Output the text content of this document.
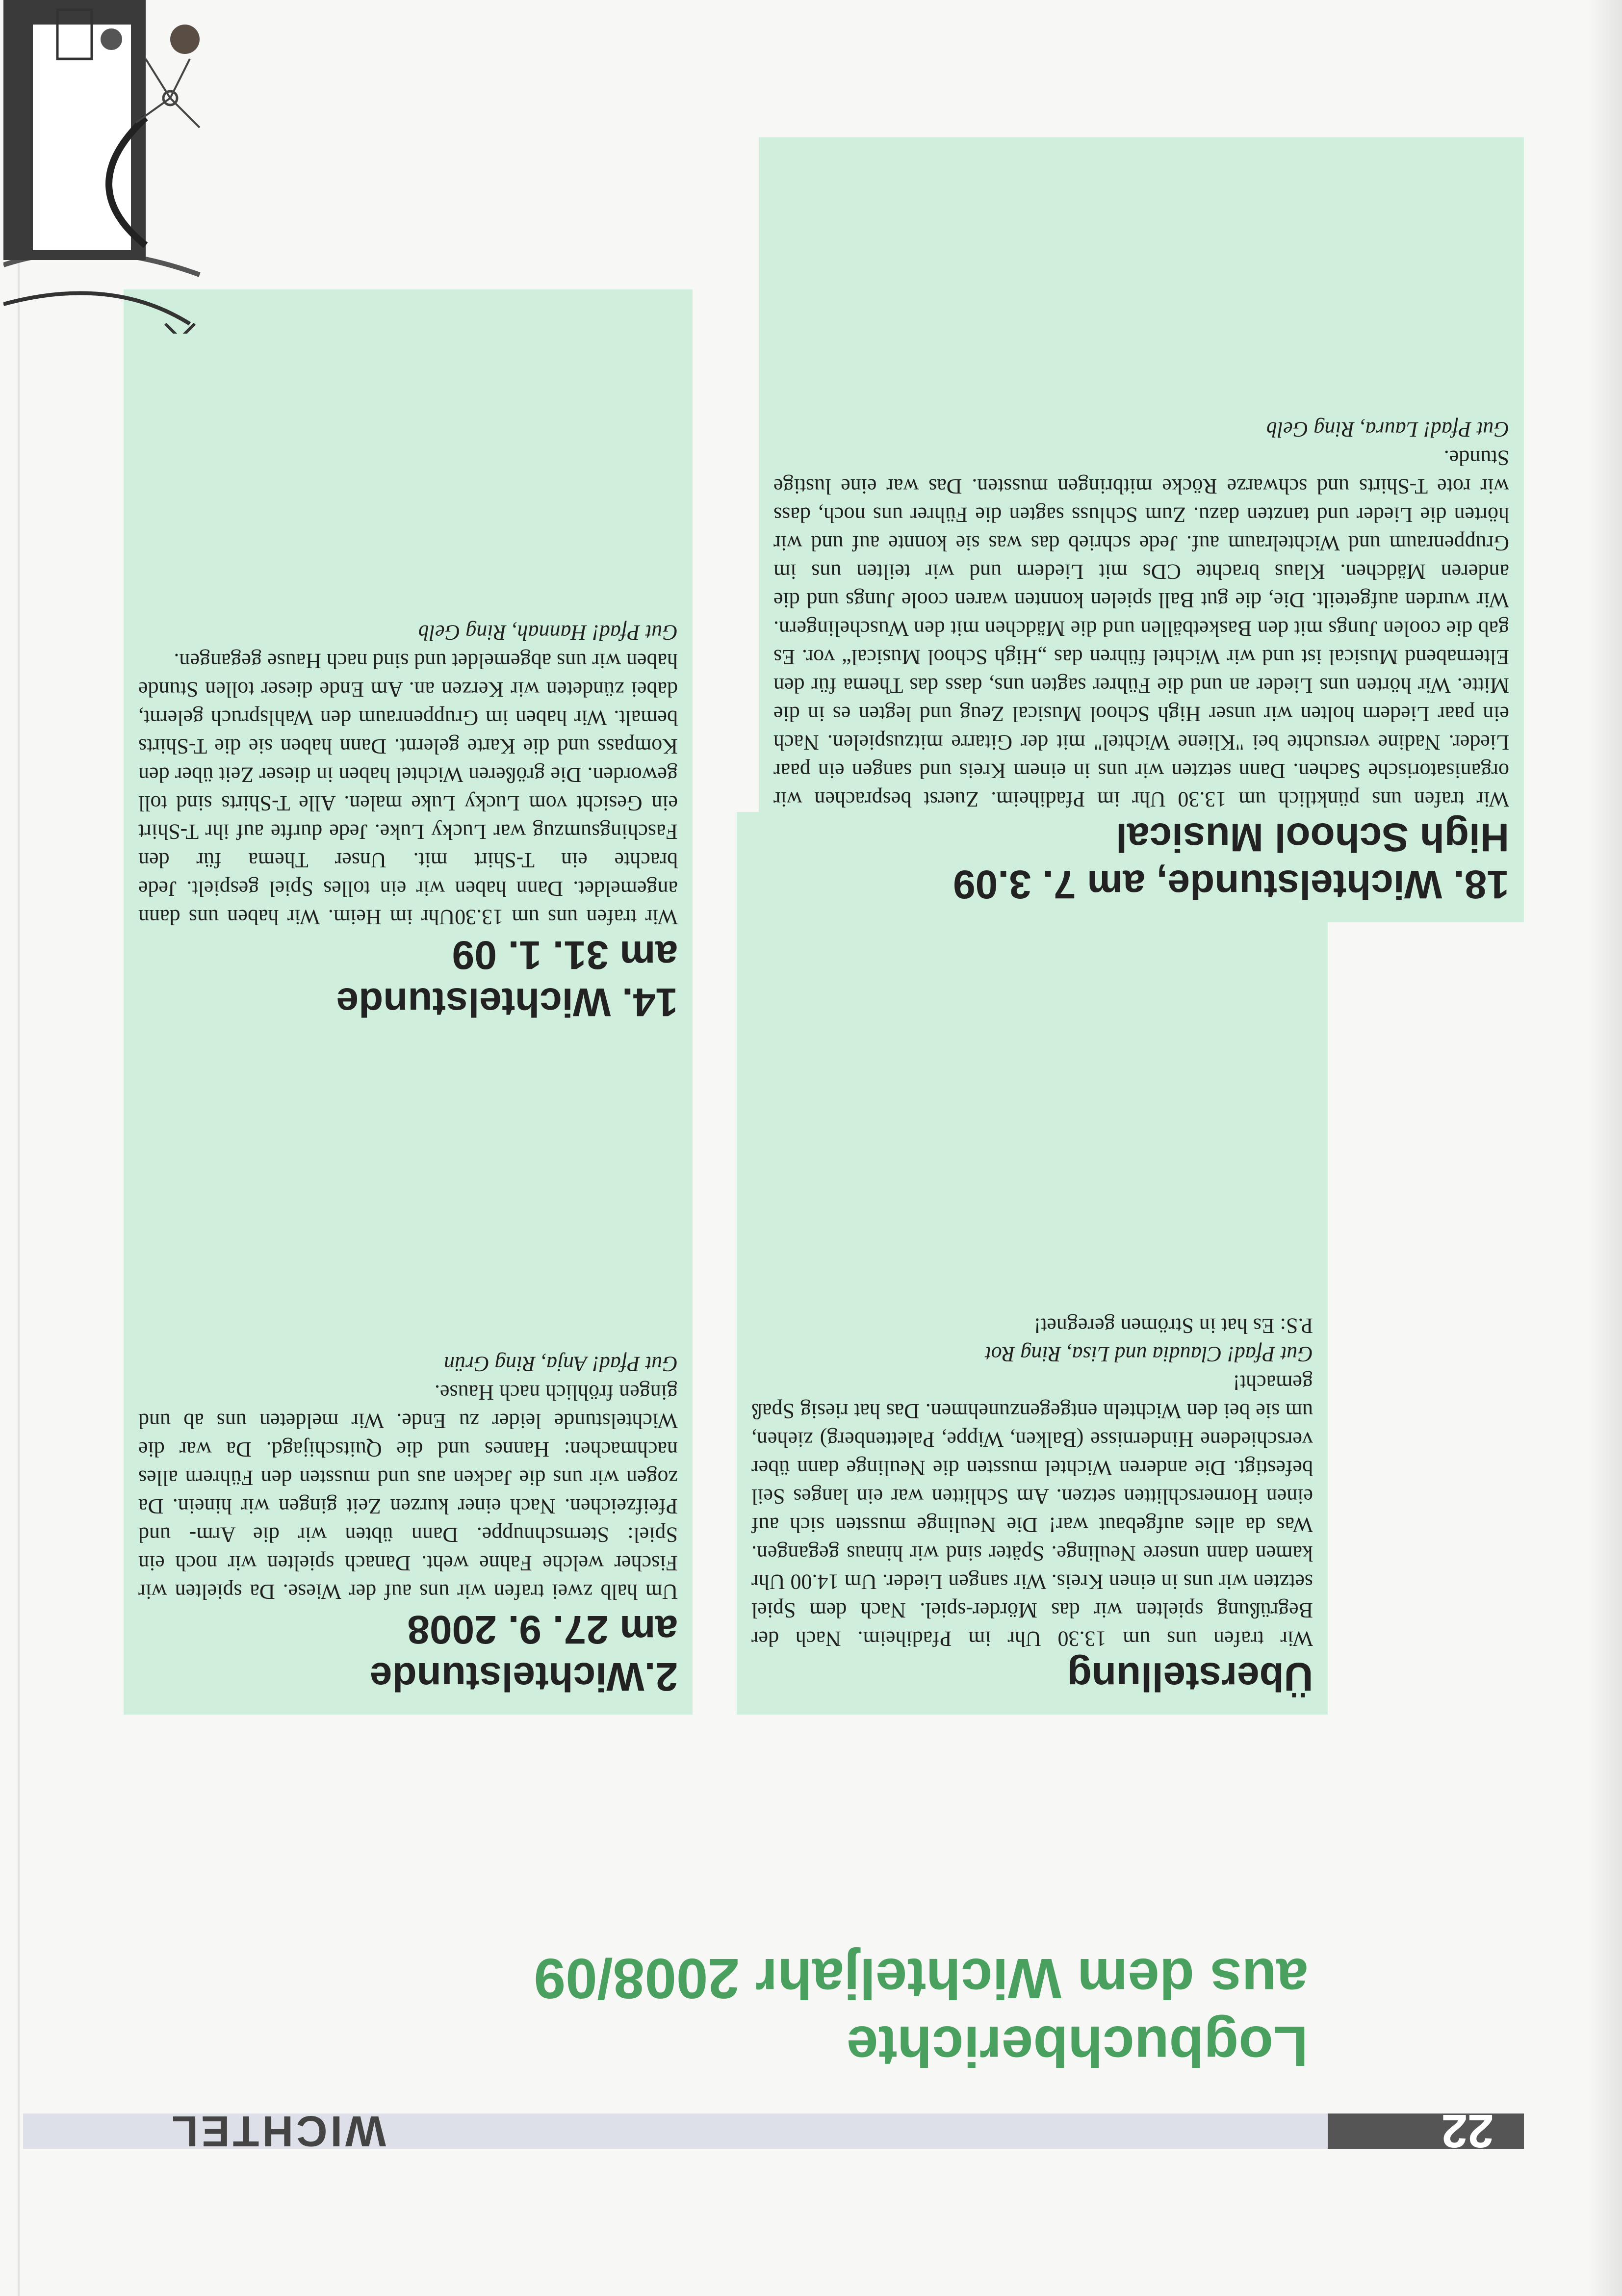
22
WICHTEL
Logbuchberichte
aus dem Wichteljahr 2008/09
Überstellung

Wir trafen uns um 13.30 Uhr im Pfadiheim. Nach der Begrüßung spielten wir das Mörder-spiel. Nach dem Spiel setzten wir uns in einen Kreis. Wir sangen Lieder. Um 14.00 Uhr kamen dann unsere Neulinge. Später sind wir hinaus gegangen. Was da alles aufgebaut war! Die Neulinge mussten sich auf einen Hornerschlitten setzen. Am Schlitten war ein langes Seil befestigt. Die anderen Wichtel mussten die Neulinge dann über verschiedene Hindernisse (Balken, Wippe, Palettenberg) ziehen, um sie bei den Wichteln entgegenzunehmen. Das hat riesig Spaß gemacht!

Gut Pfad! Claudia und Lisa, Ring Rot

P.S: Es hat in Strömen geregnet!

2.Wichtelstunde
am 27. 9. 2008

Um halb zwei trafen wir uns auf der Wiese. Da spielten wir Fischer welche Fahne weht. Danach spielten wir noch ein Spiel: Sternschnuppe. Dann übten wir die Arm- und Pfeifzeichen. Nach einer kurzen Zeit gingen wir hinein. Da zogen wir uns die Jacken aus und mussten den Führern alles nachmachen: Hannes und die Quitschijagd. Da war die Wichtelstunde leider zu Ende. Wir meldeten uns ab und gingen fröhlich nach Hause.

Gut Pfad! Anja, Ring Grün

18. Wichtelstunde, am 7. 3.09
High School Musical

Wir trafen uns pünktlich um 13.30 Uhr im Pfadiheim. Zuerst besprachen wir organisatorische Sachen. Dann setzten wir uns in einem Kreis und sangen ein paar Lieder. Nadine versuchte bei "Kliene Wichtel" mit der Gitarre mitzuspielen. Nach ein paar Liedern holten wir unser High School Musical Zeug und legten es in die Mitte. Wir hörten uns Lieder an und die Führer sagten uns, dass das Thema für den Elternabend Musical ist und wir Wichtel führen das „High School Musical“ vor. Es gab die coolen Jungs mit den Basketbällen und die Mädchen mit den Wuschelingern. Wir wurden aufgeteilt. Die, die gut Ball spielen konnten waren coole Jungs und die anderen Mädchen. Klaus brachte CDs mit Liedern und wir teilten uns im Gruppenraum und Wichtelraum auf. Jede schrieb das was sie konnte auf und wir hörten die Lieder und tanzten dazu. Zum Schluss sagten die Führer uns noch, dass wir rote T-Shirts und schwarze Röcke mitbringen mussten. Das war eine lustige Stunde.

Gut Pfad! Laura, Ring Gelb

14. Wichtelstunde
am 31. 1. 09

Wir trafen uns um 13.30Uhr im Heim. Wir haben uns dann angemeldet. Dann haben wir ein tolles Spiel gespielt. Jede brachte ein T-Shirt mit. Unser Thema für den Faschingsumzug war Lucky Luke. Jede durfte auf ihr T-Shirt ein Gesicht vom Lucky Luke malen. Alle T-Shirts sind toll geworden. Die größeren Wichtel haben in dieser Zeit über den Kompass und die Karte gelernt. Dann haben sie die T-Shirts bemalt. Wir haben im Gruppenraum den Wahlspruch gelernt, dabei zündeten wir Kerzen an. Am Ende dieser tollen Stunde haben wir uns abgemeldet und sind nach Hause gegangen.

Gut Pfad! Hannah, Ring Gelb
